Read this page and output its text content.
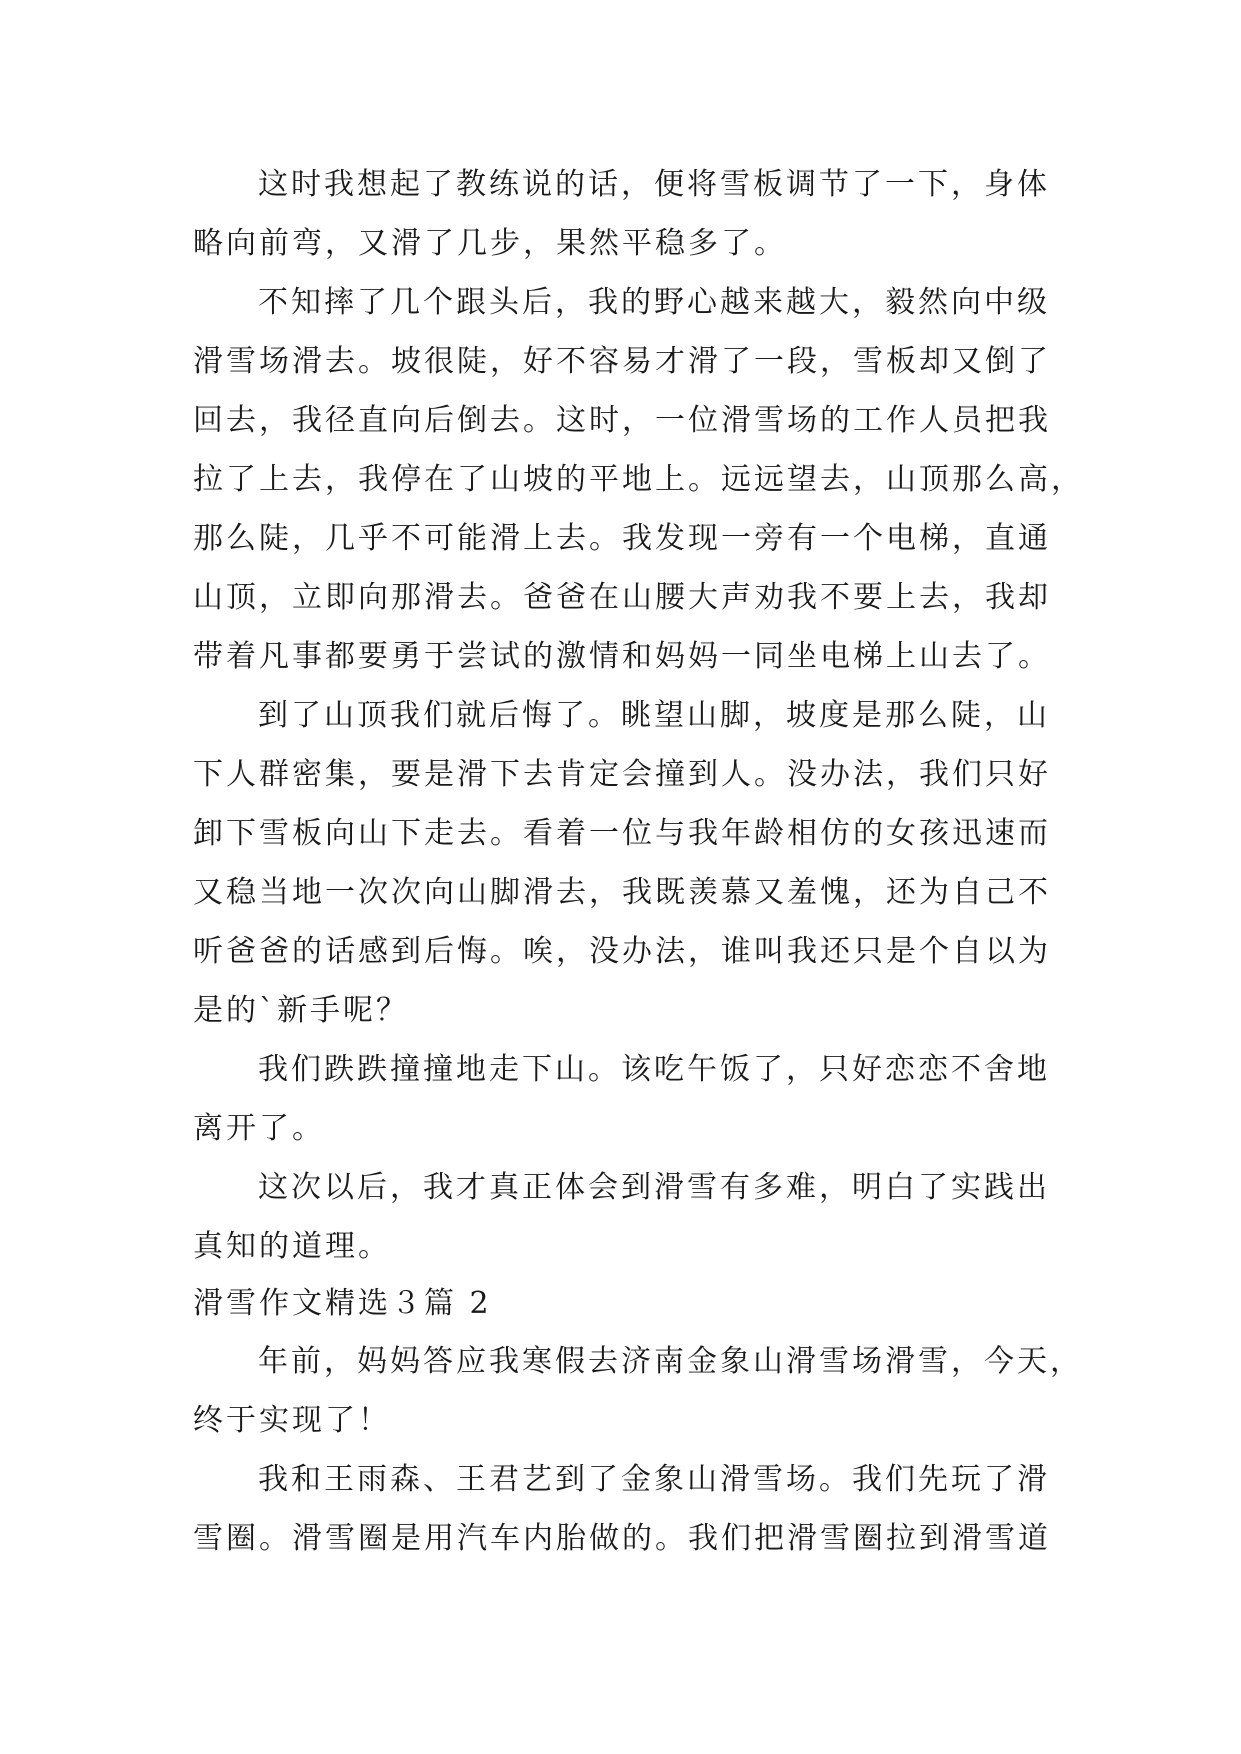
这时我想起了教练说的话，便将雪板调节了一下，身体
略向前弯，又滑了几步，果然平稳多了。
不知摔了几个跟头后，我的野心越来越大，毅然向中级
滑雪场滑去。坡很陡，好不容易才滑了一段，雪板却又倒了
回去，我径直向后倒去。这时，一位滑雪场的工作人员把我
拉了上去，我停在了山坡的平地上。远远望去，山顶那么高，
那么陡，几乎不可能滑上去。我发现一旁有一个电梯，直通
山顶，立即向那滑去。爸爸在山腰大声劝我不要上去，我却
带着凡事都要勇于尝试的激情和妈妈一同坐电梯上山去了。
到了山顶我们就后悔了。眺望山脚，坡度是那么陡，山
下人群密集，要是滑下去肯定会撞到人。没办法，我们只好
卸下雪板向山下走去。看着一位与我年龄相仿的女孩迅速而
又稳当地一次次向山脚滑去，我既羡慕又羞愧，还为自己不
听爸爸的话感到后悔。唉，没办法，谁叫我还只是个自以为
是的`新手呢？
我们跌跌撞撞地走下山。该吃午饭了，只好恋恋不舍地
离开了。
这次以后，我才真正体会到滑雪有多难，明白了实践出
真知的道理。
滑雪作文精选３篇 2
年前，妈妈答应我寒假去济南金象山滑雪场滑雪，今天，
终于实现了！
我和王雨森、王君艺到了金象山滑雪场。我们先玩了滑
雪圈。滑雪圈是用汽车内胎做的。我们把滑雪圈拉到滑雪道
